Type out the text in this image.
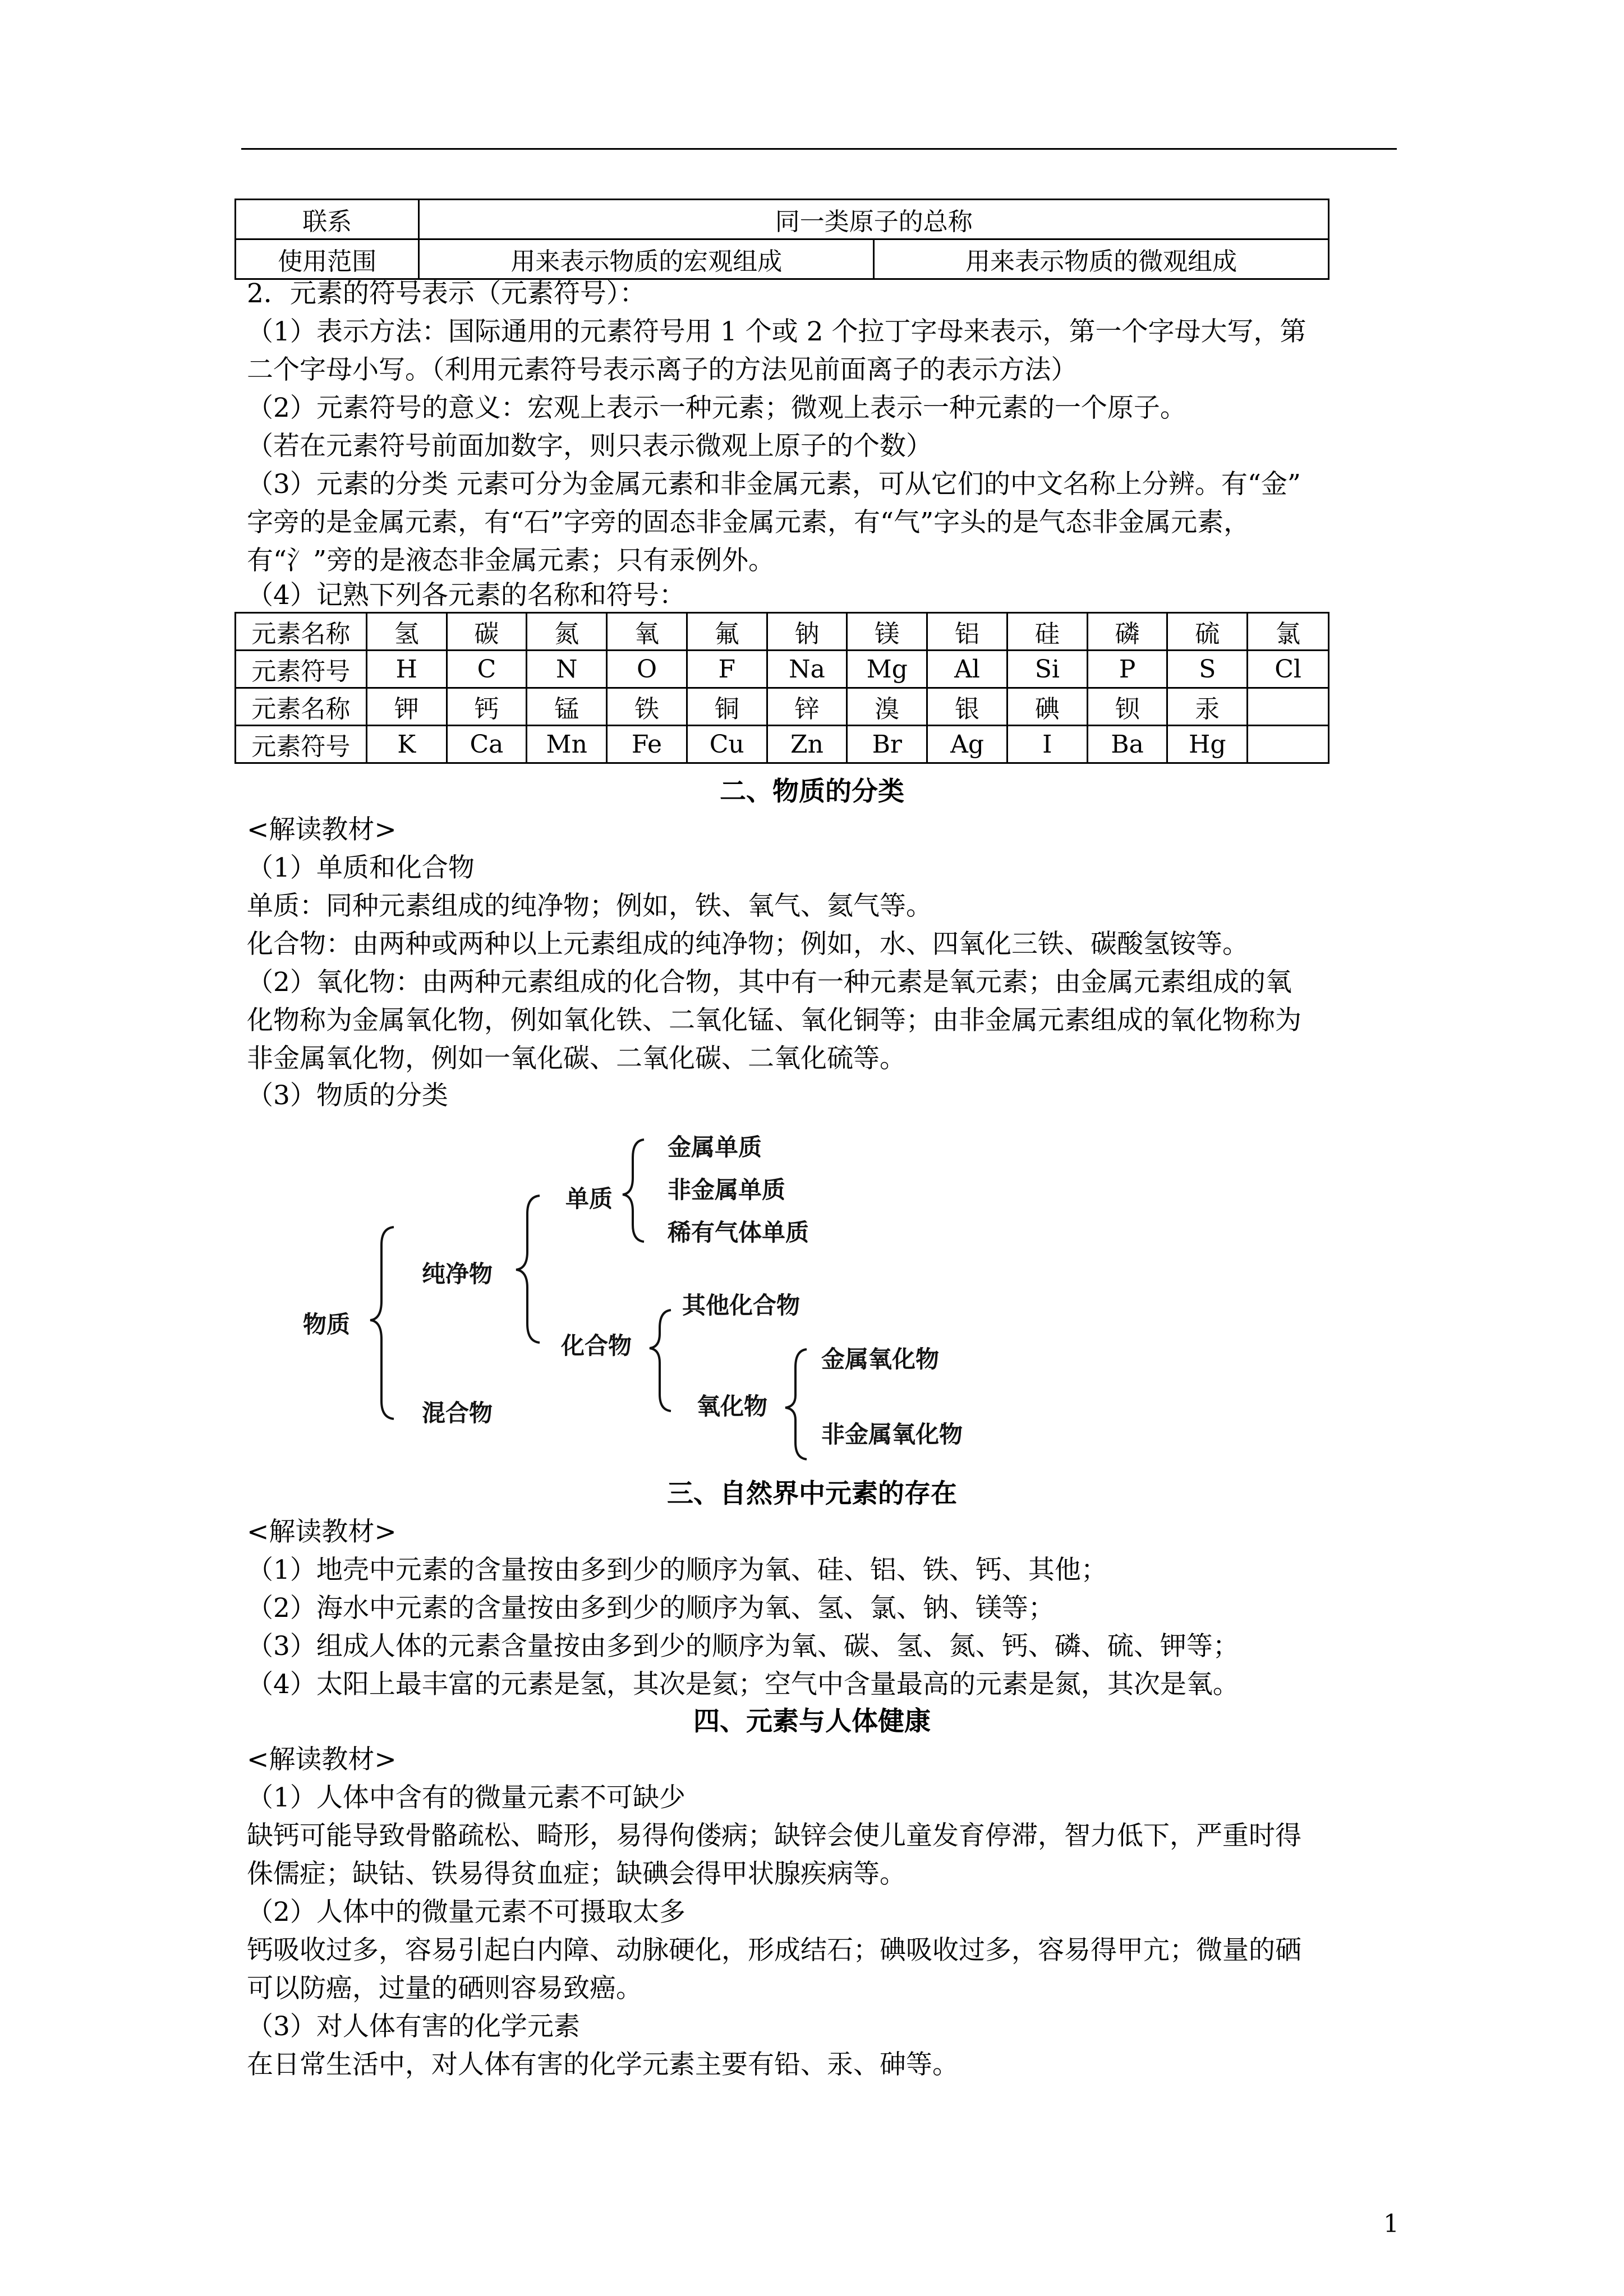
联系	同一类原子的总称	
使用范围	用来表示物质的宏观组成	用来表示物质的微观组成
2．元素的符号表示（元素符号）：
（1）表示方法：国际通用的元素符号用 1 个或 2 个拉丁字母来表示，第一个字母大写，第
二个字母小写。（利用元素符号表示离子的方法见前面离子的表示方法）
（2）元素符号的意义：宏观上表示一种元素；微观上表示一种元素的一个原子。
（若在元素符号前面加数字，则只表示微观上原子的个数）
（3）元素的分类 元素可分为金属元素和非金属元素，可从它们的中文名称上分辨。有“金”
字旁的是金属元素，有“石”字旁的固态非金属元素，有“气”字头的是气态非金属元素，
有“氵”旁的是液态非金属元素；只有汞例外。
（4）记熟下列各元素的名称和符号：
元素名称	氢	碳	氮	氧	氟	钠	镁	铝	硅	磷	硫	氯
元素符号	H	C	N	O	F	Na	Mg	Al	Si	P	S	Cl
元素名称	钾	钙	锰	铁	铜	锌	溴	银	碘	钡	汞	
元素符号	K	Ca	Mn	Fe	Cu	Zn	Br	Ag	I	Ba	Hg	
二、物质的分类
<解读教材>
（1）单质和化合物
单质：同种元素组成的纯净物；例如，铁、氧气、氦气等。
化合物：由两种或两种以上元素组成的纯净物；例如，水、四氧化三铁、碳酸氢铵等。
（2）氧化物：由两种元素组成的化合物，其中有一种元素是氧元素；由金属元素组成的氧
化物称为金属氧化物，例如氧化铁、二氧化锰、氧化铜等；由非金属元素组成的氧化物称为
非金属氧化物，例如一氧化碳、二氧化碳、二氧化硫等。
（3）物质的分类
物质
纯净物
混合物
单质
金属单质
非金属单质
稀有气体单质
化合物
其他化合物
氧化物
金属氧化物
非金属氧化物
三、自然界中元素的存在
<解读教材>
（1）地壳中元素的含量按由多到少的顺序为氧、硅、铝、铁、钙、其他；
（2）海水中元素的含量按由多到少的顺序为氧、氢、氯、钠、镁等；
（3）组成人体的元素含量按由多到少的顺序为氧、碳、氢、氮、钙、磷、硫、钾等；
（4）太阳上最丰富的元素是氢，其次是氦；空气中含量最高的元素是氮，其次是氧。
四、元素与人体健康
<解读教材>
（1）人体中含有的微量元素不可缺少
缺钙可能导致骨骼疏松、畸形，易得佝偻病；缺锌会使儿童发育停滞，智力低下，严重时得
侏儒症；缺钴、铁易得贫血症；缺碘会得甲状腺疾病等。
（2）人体中的微量元素不可摄取太多
钙吸收过多，容易引起白内障、动脉硬化，形成结石；碘吸收过多，容易得甲亢；微量的硒
可以防癌，过量的硒则容易致癌。
（3）对人体有害的化学元素
在日常生活中，对人体有害的化学元素主要有铅、汞、砷等。
1
